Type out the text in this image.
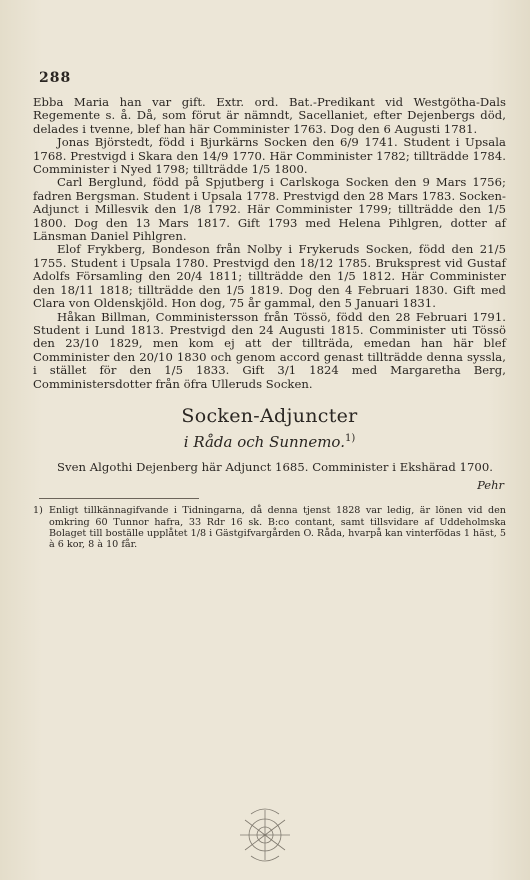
288

Ebba Maria han var gift. Extr. ord. Bat.-Predikant vid Westgötha-Dals Regemente s. å. Då, som förut är nämndt, Sacellaniet, efter Dejenbergs död, delades i tvenne, blef han här Comminister 1763. Dog den 6 Augusti 1781.

Jonas Björstedt, född i Bjurkärns Socken den 6/9 1741. Student i Upsala 1768. Prestvigd i Skara den 14/9 1770. Här Comminister 1782; tillträdde 1784. Comminister i Nyed 1798; tillträdde 1/5 1800.

Carl Berglund, född på Spjutberg i Carlskoga Socken den 9 Mars 1756; fadren Bergsman. Student i Upsala 1778. Prestvigd den 28 Mars 1783. Socken-Adjunct i Millesvik den 1/8 1792. Här Comminister 1799; tillträdde den 1/5 1800. Dog den 13 Mars 1817. Gift 1793 med Helena Pihlgren, dotter af Länsman Daniel Pihlgren.

Elof Frykberg, Bondeson från Nolby i Frykeruds Socken, född den 21/5 1755. Student i Upsala 1780. Prestvigd den 18/12 1785. Bruksprest vid Gustaf Adolfs Församling den 20/4 1811; tillträdde den 1/5 1812. Här Comminister den 18/11 1818; tillträdde den 1/5 1819. Dog den 4 Februari 1830. Gift med Clara von Oldenskjöld. Hon dog, 75 år gammal, den 5 Januari 1831.

Håkan Billman, Comministersson från Tössö, född den 28 Februari 1791. Student i Lund 1813. Prestvigd den 24 Augusti 1815. Comminister uti Tössö den 23/10 1829, men kom ej att der tillträda, emedan han här blef Comminister den 20/10 1830 och genom accord genast tillträdde denna syssla, i stället för den 1/5 1833. Gift 3/1 1824 med Margaretha Berg, Comministersdotter från öfra Ulleruds Socken.

Socken-Adjuncter
i Råda och Sunnemo.$^{1)}$

Sven Algothi Dejenberg här Adjunct 1685. Comminister i Ekshärad 1700.

Pehr

1) Enligt tillkännagifvande i Tidningarna, då denna tjenst 1828 var ledig, är lönen vid den omkring 60 Tunnor hafra, 33 Rdr 16 sk. B:co contant, samt tillsvidare af Uddeholmska Bolaget till boställe upplåtet 1/8 i Gästgifvargården O. Råda, hvarpå kan vinterfödas 1 häst, 5 à 6 kor, 8 à 10 får.
